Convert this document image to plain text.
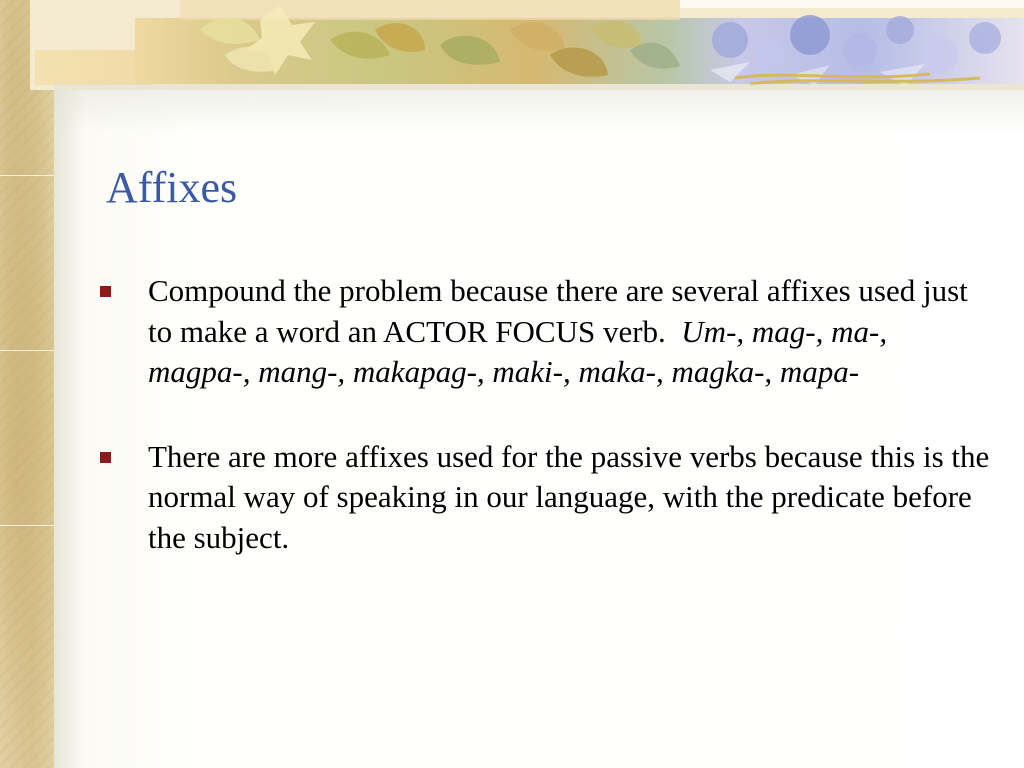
Affixes
Compound the problem because there are several affixes used just to make a word an ACTOR FOCUS verb. Um-, mag-, ma-, magpa-, mang-, makapag-, maki-, maka-, magka-, mapa-
There are more affixes used for the passive verbs because this is the normal way of speaking in our language, with the predicate before the subject.
